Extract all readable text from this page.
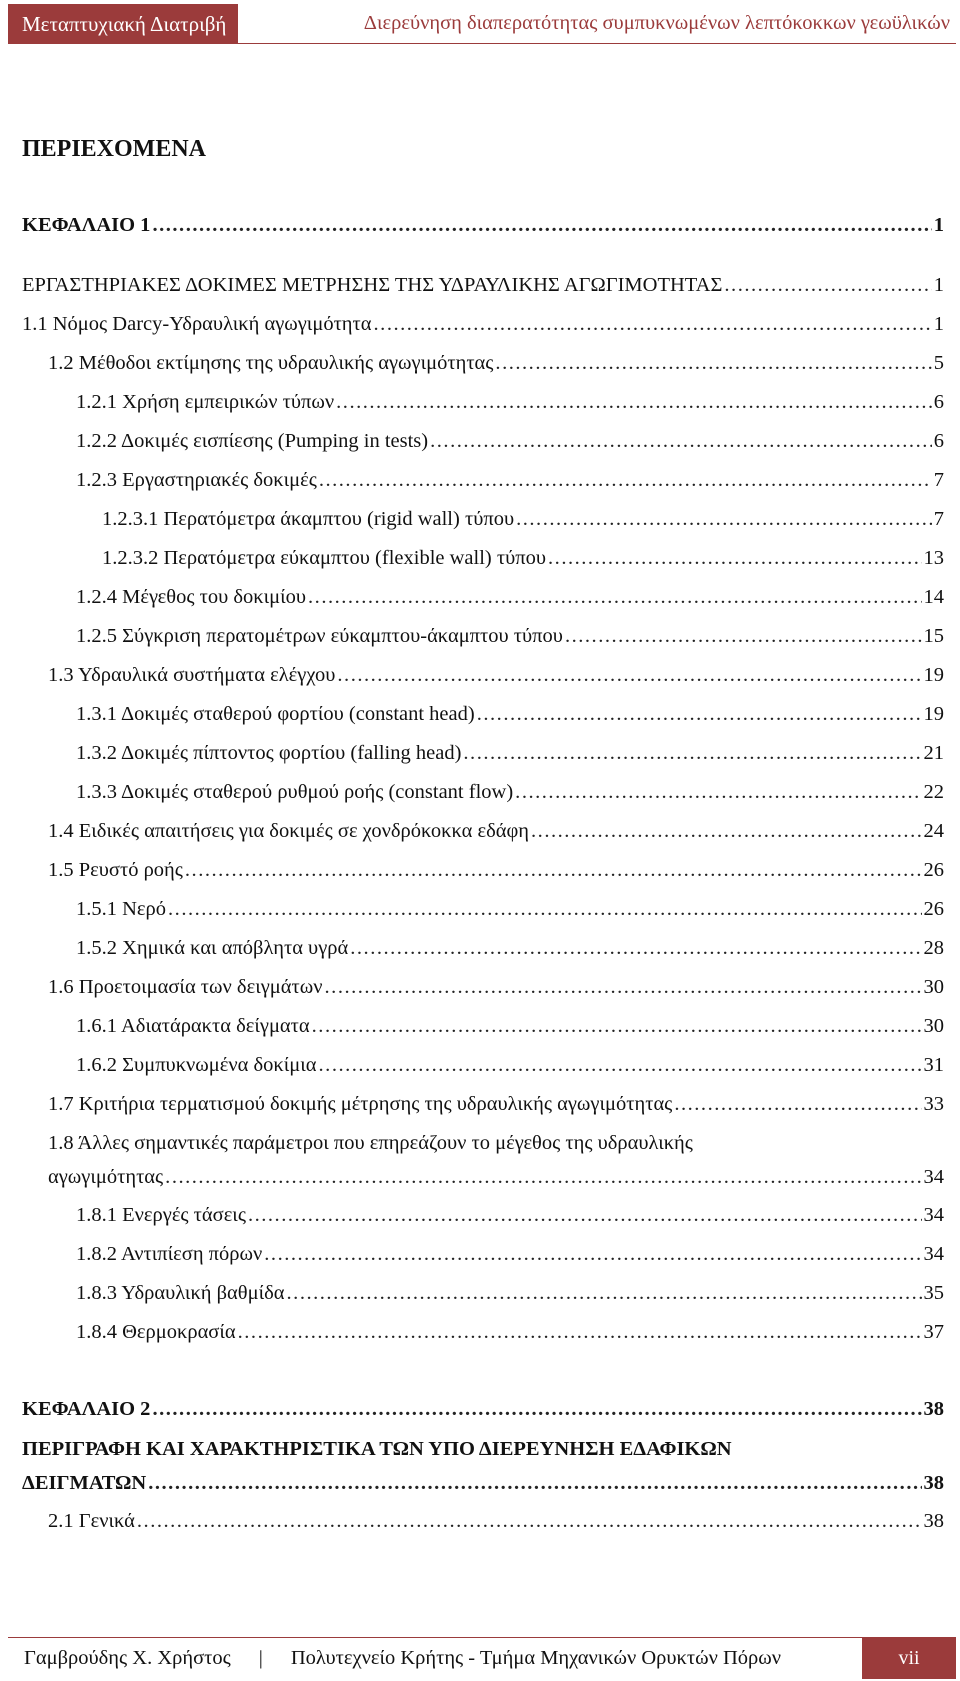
Μεταπτυχιακή Διατριβή	Διερεύνηση διαπερατότητας συμπυκνωμένων λεπτόκοκκων γεωϋλικών
ΠΕΡΙΕΧΟΜΕΝΑ
ΚΕΦΑΛΑΙΟ 1 . . .	1
ΕΡΓΑΣΤΗΡΙΑΚΕΣ ΔΟΚΙΜΕΣ ΜΕΤΡΗΣΗΣ ΤΗΣ ΥΔΡΑΥΛΙΚΗΣ ΑΓΩΓΙΜΟΤΗΤΑΣ . . .	1
1.1 Νόμος Darcy-Υδραυλική αγωγιμότητα . . .	1
1.2 Μέθοδοι εκτίμησης της υδραυλικής αγωγιμότητας . . .	5
1.2.1 Χρήση εμπειρικών τύπων . . .	6
1.2.2 Δοκιμές εισπίεσης (Pumping in tests) . . .	6
1.2.3 Εργαστηριακές δοκιμές . . .	7
1.2.3.1 Περατόμετρα άκαμπτου (rigid wall) τύπου . . .	7
1.2.3.2 Περατόμετρα εύκαμπτου (flexible wall) τύπου . . .	13
1.2.4 Μέγεθος του δοκιμίου . . .	14
1.2.5 Σύγκριση περατομέτρων εύκαμπτου-άκαμπτου τύπου . . .	15
1.3 Υδραυλικά συστήματα ελέγχου . . .	19
1.3.1 Δοκιμές σταθερού φορτίου (constant head) . . .	19
1.3.2 Δοκιμές πίπτοντος φορτίου (falling head) . . .	21
1.3.3 Δοκιμές σταθερού ρυθμού ροής (constant flow) . . .	22
1.4 Ειδικές απαιτήσεις για δοκιμές σε χονδρόκοκκα εδάφη . . .	24
1.5 Ρευστό ροής . . .	26
1.5.1 Νερό . . .	26
1.5.2 Χημικά και απόβλητα υγρά . . .	28
1.6 Προετοιμασία των δειγμάτων . . .	30
1.6.1 Αδιατάρακτα δείγματα . . .	30
1.6.2 Συμπυκνωμένα δοκίμια . . .	31
1.7 Κριτήρια τερματισμού δοκιμής μέτρησης της υδραυλικής αγωγιμότητας . . .	33
1.8 Άλλες σημαντικές παράμετροι που επηρεάζουν το μέγεθος της υδραυλικής
αγωγιμότητας . . .	34
1.8.1 Ενεργές τάσεις . . .	34
1.8.2 Αντιπίεση πόρων . . .	34
1.8.3 Υδραυλική βαθμίδα . . .	35
1.8.4 Θερμοκρασία . . .	37
ΚΕΦΑΛΑΙΟ 2 . . .	38
ΠΕΡΙΓΡΑΦΗ ΚΑΙ ΧΑΡΑΚΤΗΡΙΣΤΙΚΑ ΤΩΝ ΥΠΟ ΔΙΕΡΕΥΝΗΣΗ ΕΔΑΦΙΚΩΝ
ΔΕΙΓΜΑΤΩΝ . . .	38
2.1 Γενικά . . .	38
Γαμβρούδης Χ. Χρήστος | Πολυτεχνείο Κρήτης - Τμήμα Μηχανικών Ορυκτών Πόρων	vii
